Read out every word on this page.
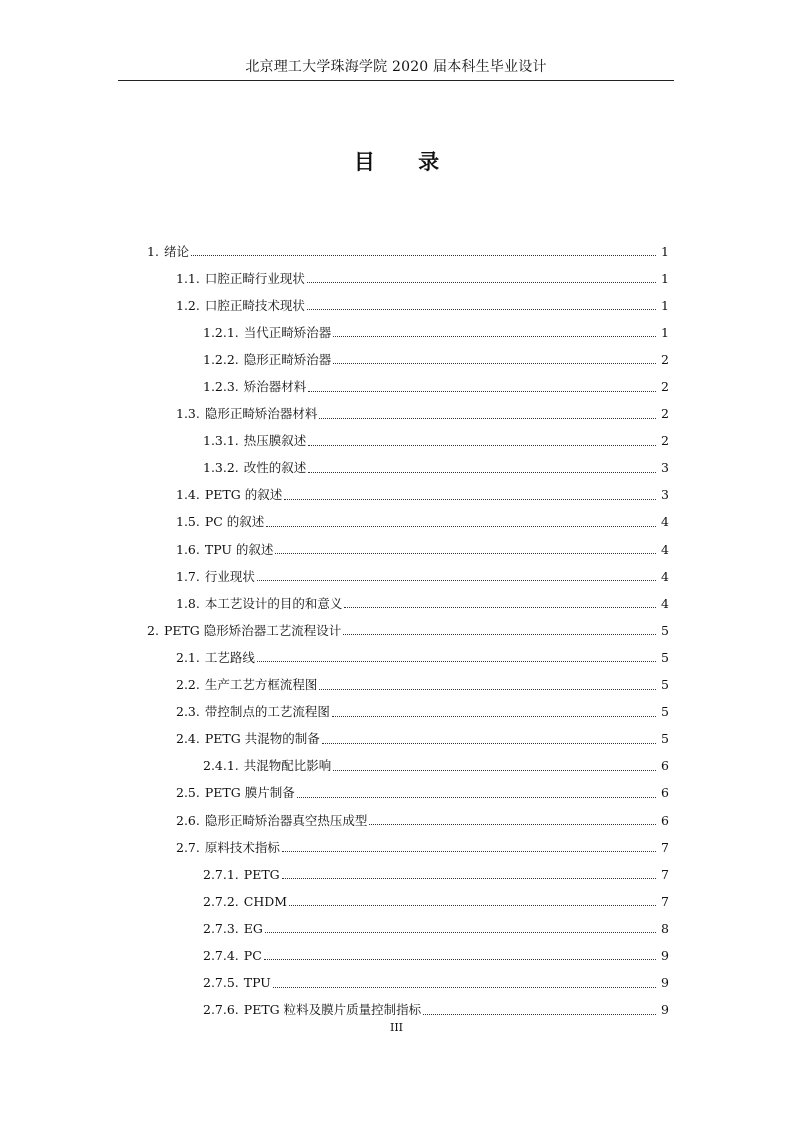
北京理工大学珠海学院 2020 届本科生毕业设计
目 录
1. 绪论	1
1.1. 口腔正畸行业现状	1
1.2. 口腔正畸技术现状	1
1.2.1. 当代正畸矫治器	1
1.2.2. 隐形正畸矫治器	2
1.2.3. 矫治器材料	2
1.3. 隐形正畸矫治器材料	2
1.3.1. 热压膜叙述	2
1.3.2. 改性的叙述	3
1.4. PETG 的叙述	3
1.5. PC 的叙述	4
1.6. TPU 的叙述	4
1.7. 行业现状	4
1.8. 本工艺设计的目的和意义	4
2. PETG 隐形矫治器工艺流程设计	5
2.1. 工艺路线	5
2.2. 生产工艺方框流程图	5
2.3. 带控制点的工艺流程图	5
2.4. PETG 共混物的制备	5
2.4.1. 共混物配比影响	6
2.5. PETG 膜片制备	6
2.6. 隐形正畸矫治器真空热压成型	6
2.7. 原料技术指标	7
2.7.1. PETG	7
2.7.2. CHDM	7
2.7.3. EG	8
2.7.4. PC	9
2.7.5. TPU	9
2.7.6. PETG 粒料及膜片质量控制指标	9
III
